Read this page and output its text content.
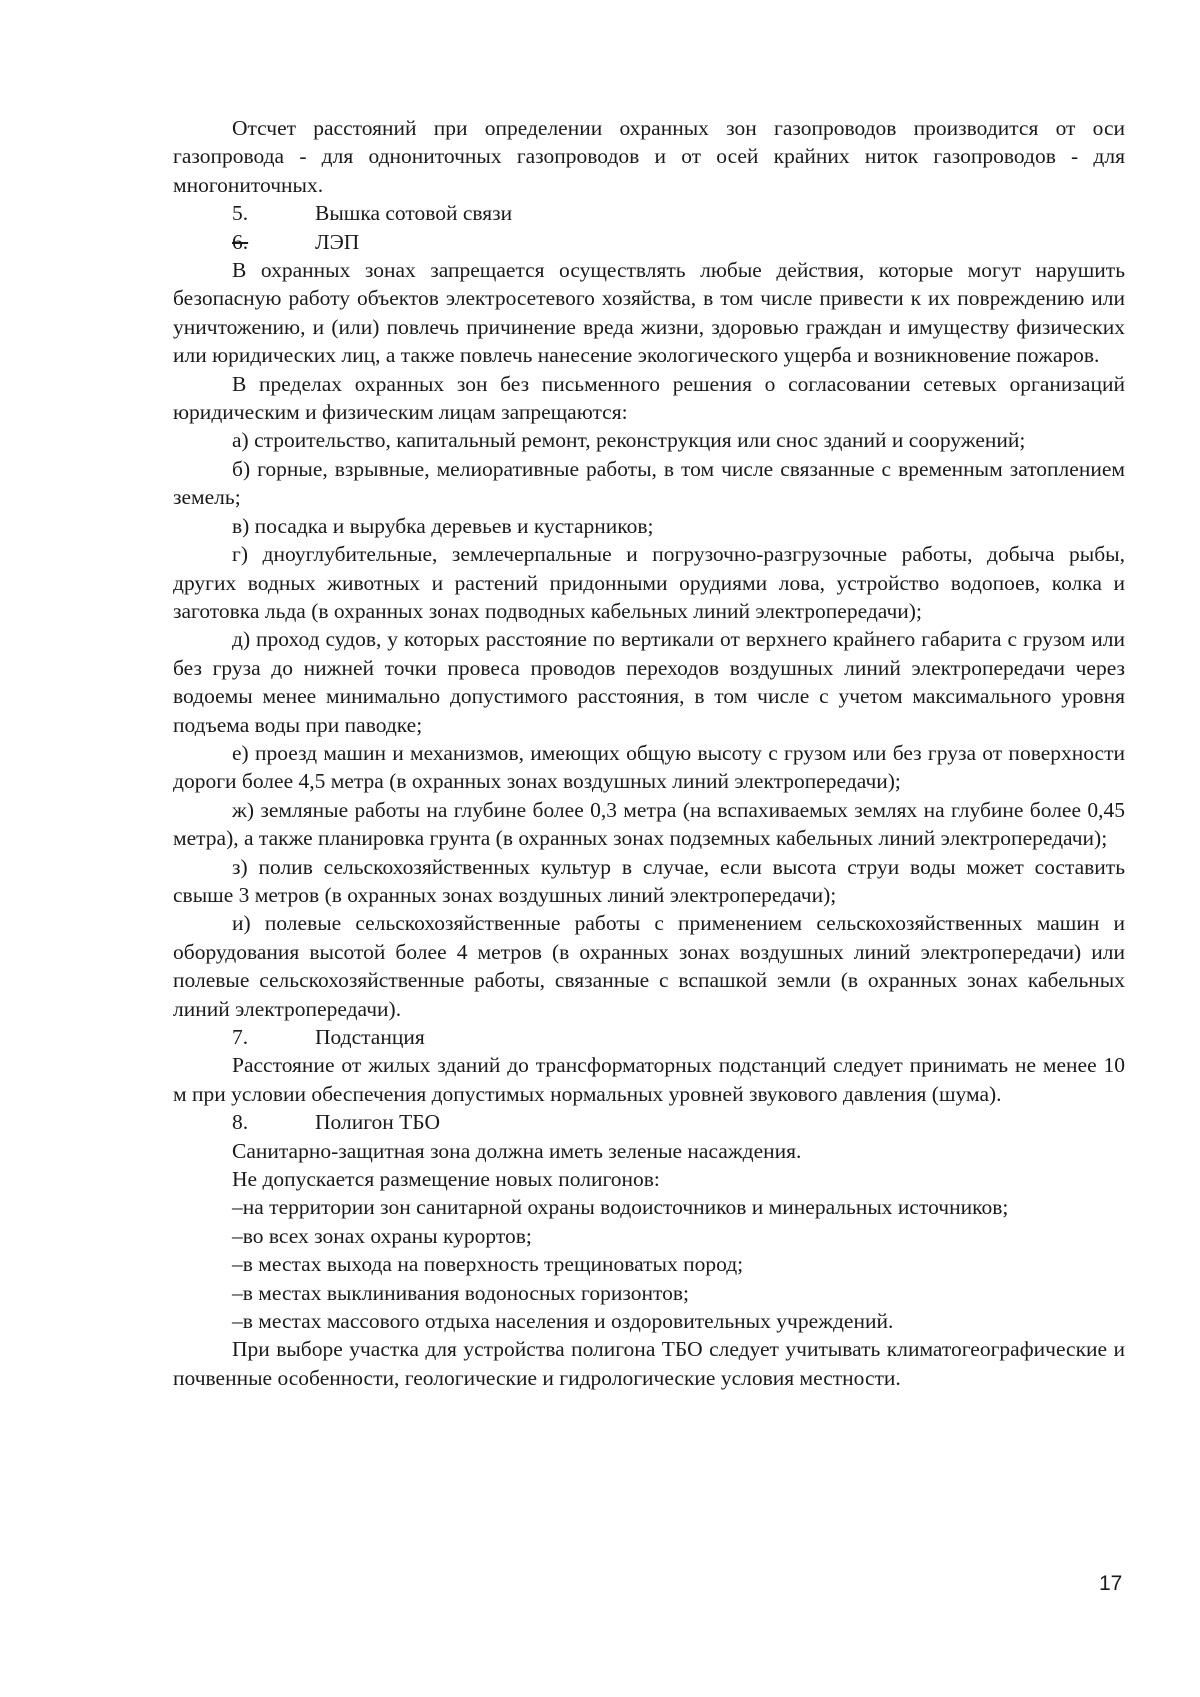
Отсчет расстояний при определении охранных зон газопроводов производится от оси газопровода - для однониточных газопроводов и от осей крайних ниток газопроводов - для многониточных.

5.	Вышка сотовой связи

6.	ЛЭП

В охранных зонах запрещается осуществлять любые действия, которые могут нарушить безопасную работу объектов электросетевого хозяйства, в том числе привести к их повреждению или уничтожению, и (или) повлечь причинение вреда жизни, здоровью граждан и имуществу физических или юридических лиц, а также повлечь нанесение экологического ущерба и возникновение пожаров.

В пределах охранных зон без письменного решения о согласовании сетевых организаций юридическим и физическим лицам запрещаются:

а) строительство, капитальный ремонт, реконструкция или снос зданий и сооружений;

б) горные, взрывные, мелиоративные работы, в том числе связанные с временным затоплением земель;

в) посадка и вырубка деревьев и кустарников;

г) дноуглубительные, землечерпальные и погрузочно-разгрузочные работы, добыча рыбы, других водных животных и растений придонными орудиями лова, устройство водопоев, колка и заготовка льда (в охранных зонах подводных кабельных линий электропередачи);

д) проход судов, у которых расстояние по вертикали от верхнего крайнего габарита с грузом или без груза до нижней точки провеса проводов переходов воздушных линий электропередачи через водоемы менее минимально допустимого расстояния, в том числе с учетом максимального уровня подъема воды при паводке;

е) проезд машин и механизмов, имеющих общую высоту с грузом или без груза от поверхности дороги более 4,5 метра (в охранных зонах воздушных линий электропередачи);

ж) земляные работы на глубине более 0,3 метра (на вспахиваемых землях на глубине более 0,45 метра), а также планировка грунта (в охранных зонах подземных кабельных линий электропередачи);

з) полив сельскохозяйственных культур в случае, если высота струи воды может составить свыше 3 метров (в охранных зонах воздушных линий электропередачи);

и) полевые сельскохозяйственные работы с применением сельскохозяйственных машин и оборудования высотой более 4 метров (в охранных зонах воздушных линий электропередачи) или полевые сельскохозяйственные работы, связанные с вспашкой земли (в охранных зонах кабельных линий электропередачи).

7.	Подстанция

Расстояние от жилых зданий до трансформаторных подстанций следует принимать не менее 10 м при условии обеспечения допустимых нормальных уровней звукового давления (шума).

8.	Полигон ТБО

Санитарно-защитная зона должна иметь зеленые насаждения.

Не допускается размещение новых полигонов:

– на территории зон санитарной охраны водоисточников и минеральных источников;

– во всех зонах охраны курортов;

– в местах выхода на поверхность трещиноватых пород;

– в местах выклинивания водоносных горизонтов;

– в местах массового отдыха населения и оздоровительных учреждений.

При выборе участка для устройства полигона ТБО следует учитывать климатогеографические и почвенные особенности, геологические и гидрологические условия местности.

17
